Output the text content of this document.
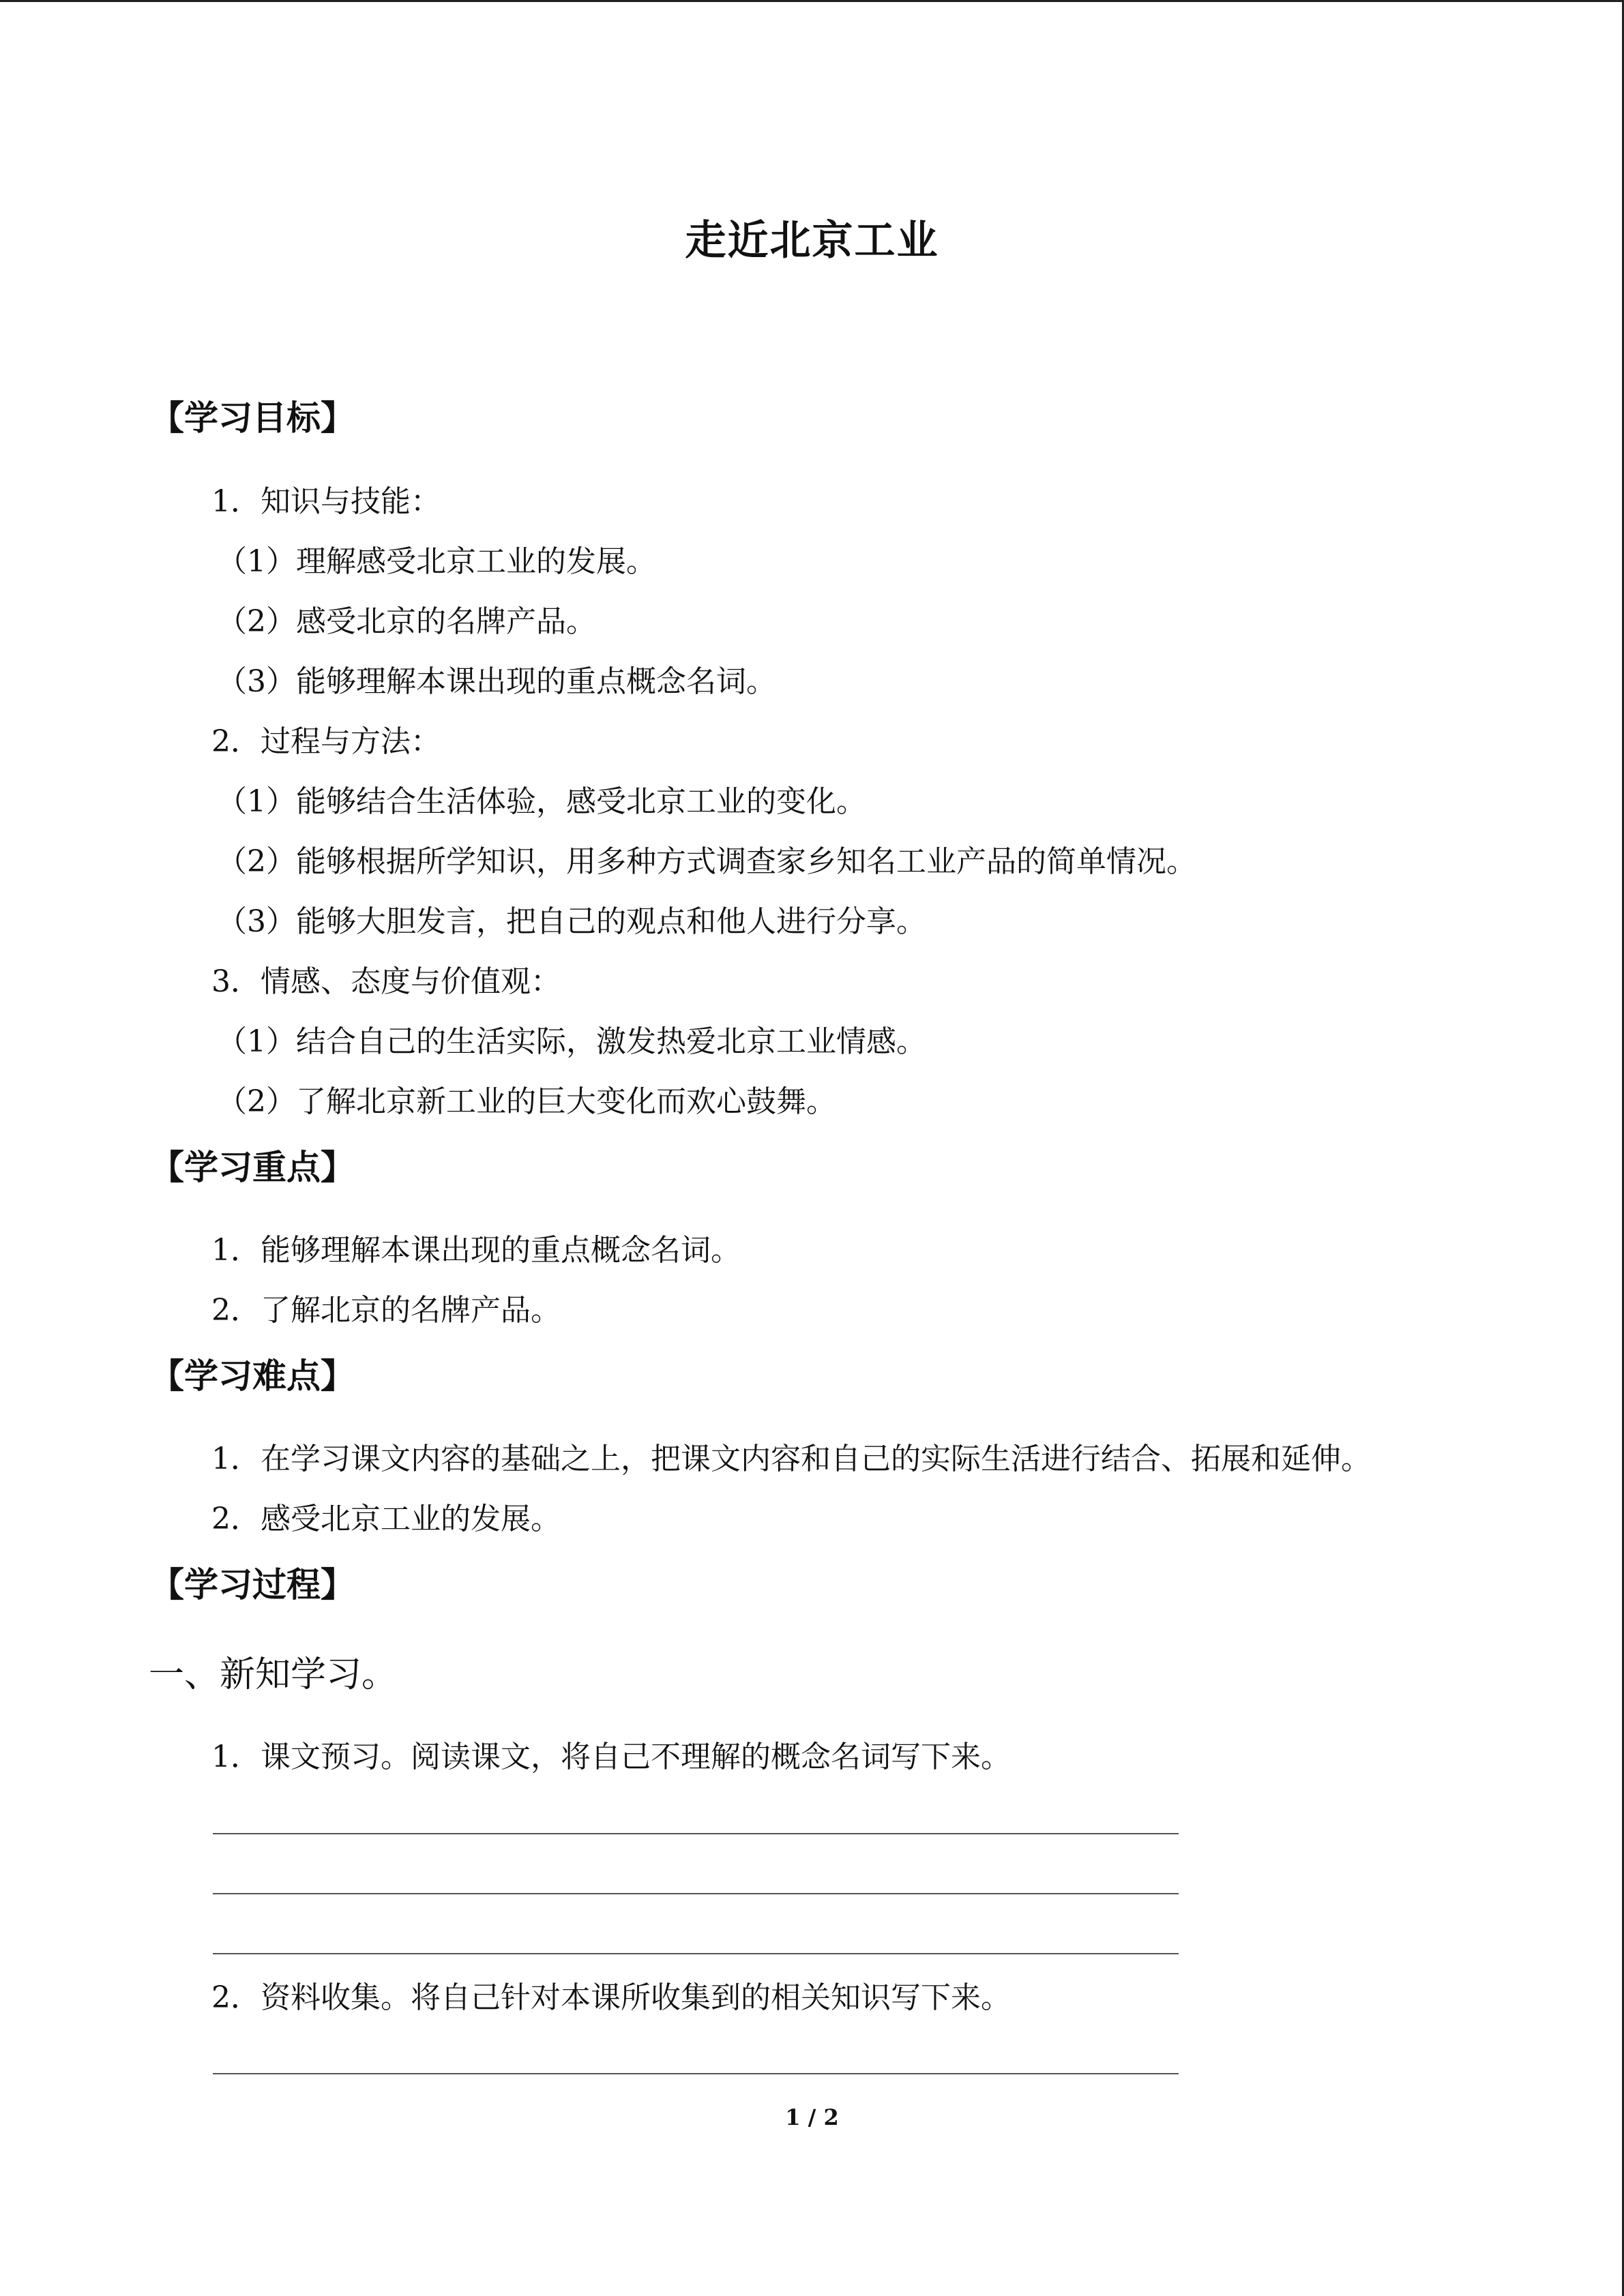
走近北京工业
【学习目标】
1．知识与技能：
（1）理解感受北京工业的发展。
（2）感受北京的名牌产品。
（3）能够理解本课出现的重点概念名词。
2．过程与方法：
（1）能够结合生活体验，感受北京工业的变化。
（2）能够根据所学知识，用多种方式调查家乡知名工业产品的简单情况。
（3）能够大胆发言，把自己的观点和他人进行分享。
3．情感、态度与价值观：
（1）结合自己的生活实际，激发热爱北京工业情感。
（2）了解北京新工业的巨大变化而欢心鼓舞。
【学习重点】
1．能够理解本课出现的重点概念名词。
2．了解北京的名牌产品。
【学习难点】
1．在学习课文内容的基础之上，把课文内容和自己的实际生活进行结合、拓展和延伸。
2．感受北京工业的发展。
【学习过程】
一、新知学习。
1．课文预习。阅读课文，将自己不理解的概念名词写下来。
2．资料收集。将自己针对本课所收集到的相关知识写下来。
1 / 2
